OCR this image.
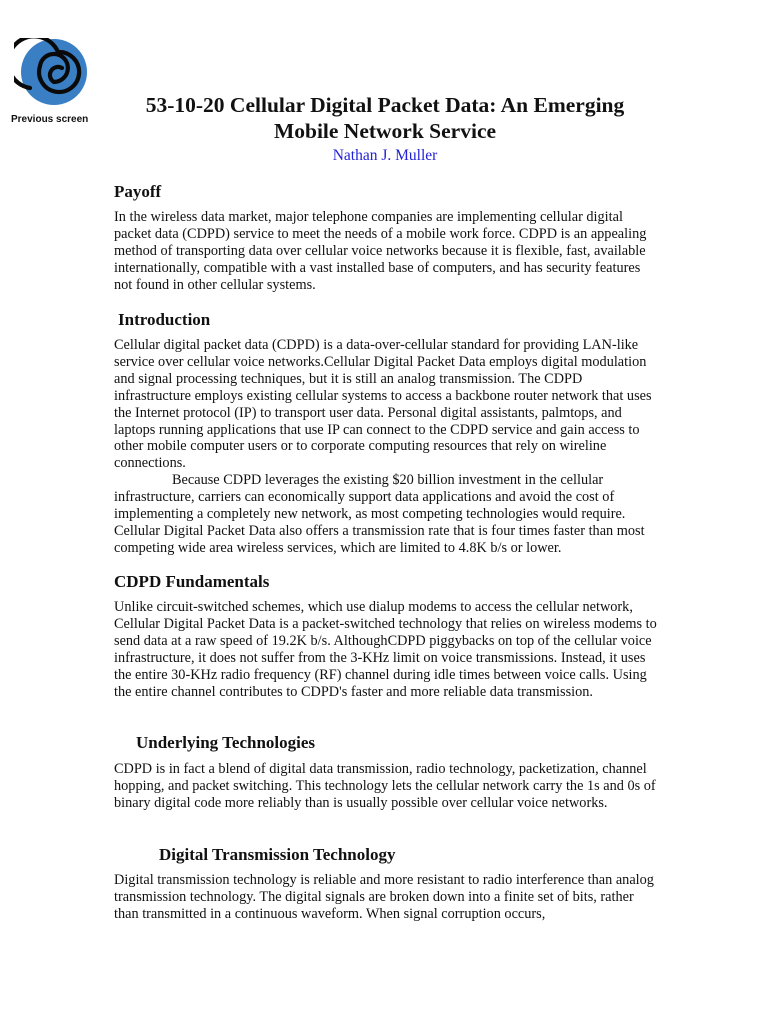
Previous screen
53-10-20 Cellular Digital Packet Data: An Emerging
Mobile Network Service

Nathan J. Muller

Payoff

In the wireless data market, major telephone companies are implementing cellular digital packet data (CDPD) service to meet the needs of a mobile work force. CDPD is an appealing method of transporting data over cellular voice networks because it is flexible, fast, available internationally, compatible with a vast installed base of computers, and has security features not found in other cellular systems.

Introduction

Cellular digital packet data (CDPD) is a data-over-cellular standard for providing LAN-like service over cellular voice networks.Cellular Digital Packet Data employs digital modulation and signal processing techniques, but it is still an analog transmission. The CDPD infrastructure employs existing cellular systems to access a backbone router network that uses the Internet protocol (IP) to transport user data. Personal digital assistants, palmtops, and laptops running applications that use IP can connect to the CDPD service and gain access to other mobile computer users or to corporate computing resources that rely on wireline connections.

Because CDPD leverages the existing $20 billion investment in the cellular infrastructure, carriers can economically support data applications and avoid the cost of implementing a completely new network, as most competing technologies would require. Cellular Digital Packet Data also offers a transmission rate that is four times faster than most competing wide area wireless services, which are limited to 4.8K b/s or lower.

CDPD Fundamentals

Unlike circuit-switched schemes, which use dialup modems to access the cellular network, Cellular Digital Packet Data is a packet-switched technology that relies on wireless modems to send data at a raw speed of 19.2K b/s. AlthoughCDPD piggybacks on top of the cellular voice infrastructure, it does not suffer from the 3-KHz limit on voice transmissions. Instead, it uses the entire 30-KHz radio frequency (RF) channel during idle times between voice calls. Using the entire channel contributes to CDPD's faster and more reliable data transmission.

Underlying Technologies

CDPD is in fact a blend of digital data transmission, radio technology, packetization, channel hopping, and packet switching. This technology lets the cellular network carry the 1s and 0s of binary digital code more reliably than is usually possible over cellular voice networks.

Digital Transmission Technology

Digital transmission technology is reliable and more resistant to radio interference than analog transmission technology. The digital signals are broken down into a finite set of bits, rather than transmitted in a continuous waveform. When signal corruption occurs,
